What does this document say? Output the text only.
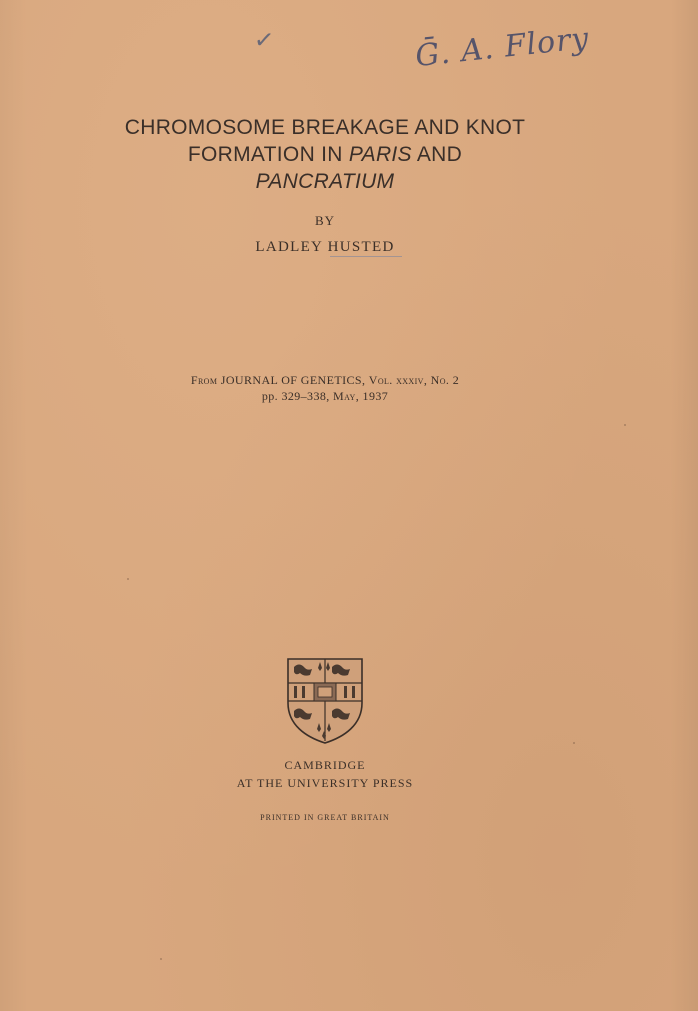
✓	Ḡ. A. Flory
CHROMOSOME BREAKAGE AND KNOT
FORMATION IN PARIS AND
PANCRATIUM
BY
LADLEY HUSTED
From JOURNAL OF GENETICS, Vol. xxxiv, No. 2
pp. 329–338, May, 1937
CAMBRIDGE
AT THE UNIVERSITY PRESS
PRINTED IN GREAT BRITAIN
